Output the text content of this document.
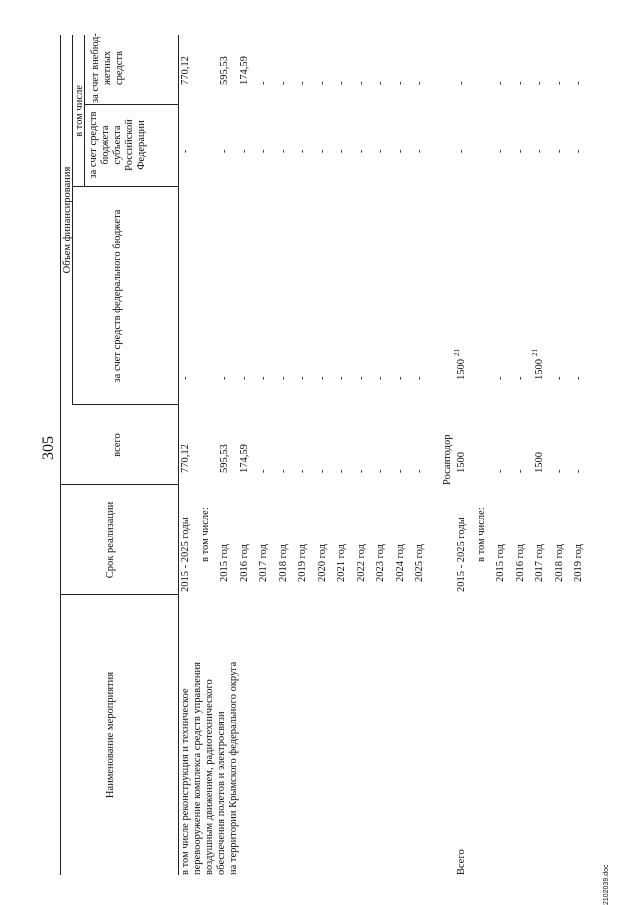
305
2102039.doc
Наименование мероприятия
Срок реализации
Объем финансирования
всего
в том числе
за счет средств федерального бюджета
за счет средств бюджета субъекта Российской Федерации
за счет внебюд-жетных средств
в том числе реконструкция и техническое перевооружение комплекса средств управления воздушным движением, радиотехнического обеспечения полетов и электросвязи на территории Крымского федерального округа
2015 - 2025 годы
770,12
-
-
770,12
в том числе:
2015 год
595,53
-
-
595,53
2016 год
174,59
-
-
174,59
2017 год
-
-
-
-
2018 год
-
-
-
-
2019 год
-
-
-
-
2020 год
-
-
-
-
2021 год
-
-
-
-
2022 год
-
-
-
-
2023 год
-
-
-
-
2024 год
-
-
-
-
2025 год
-
-
-
-
Росавтодор
Всего
2015 - 2025 годы
1500
1500
21
-
-
в том числе:
2015 год
-
-
-
-
2016 год
-
-
-
-
2017 год
1500
1500
21
-
-
2018 год
-
-
-
-
2019 год
-
-
-
-
